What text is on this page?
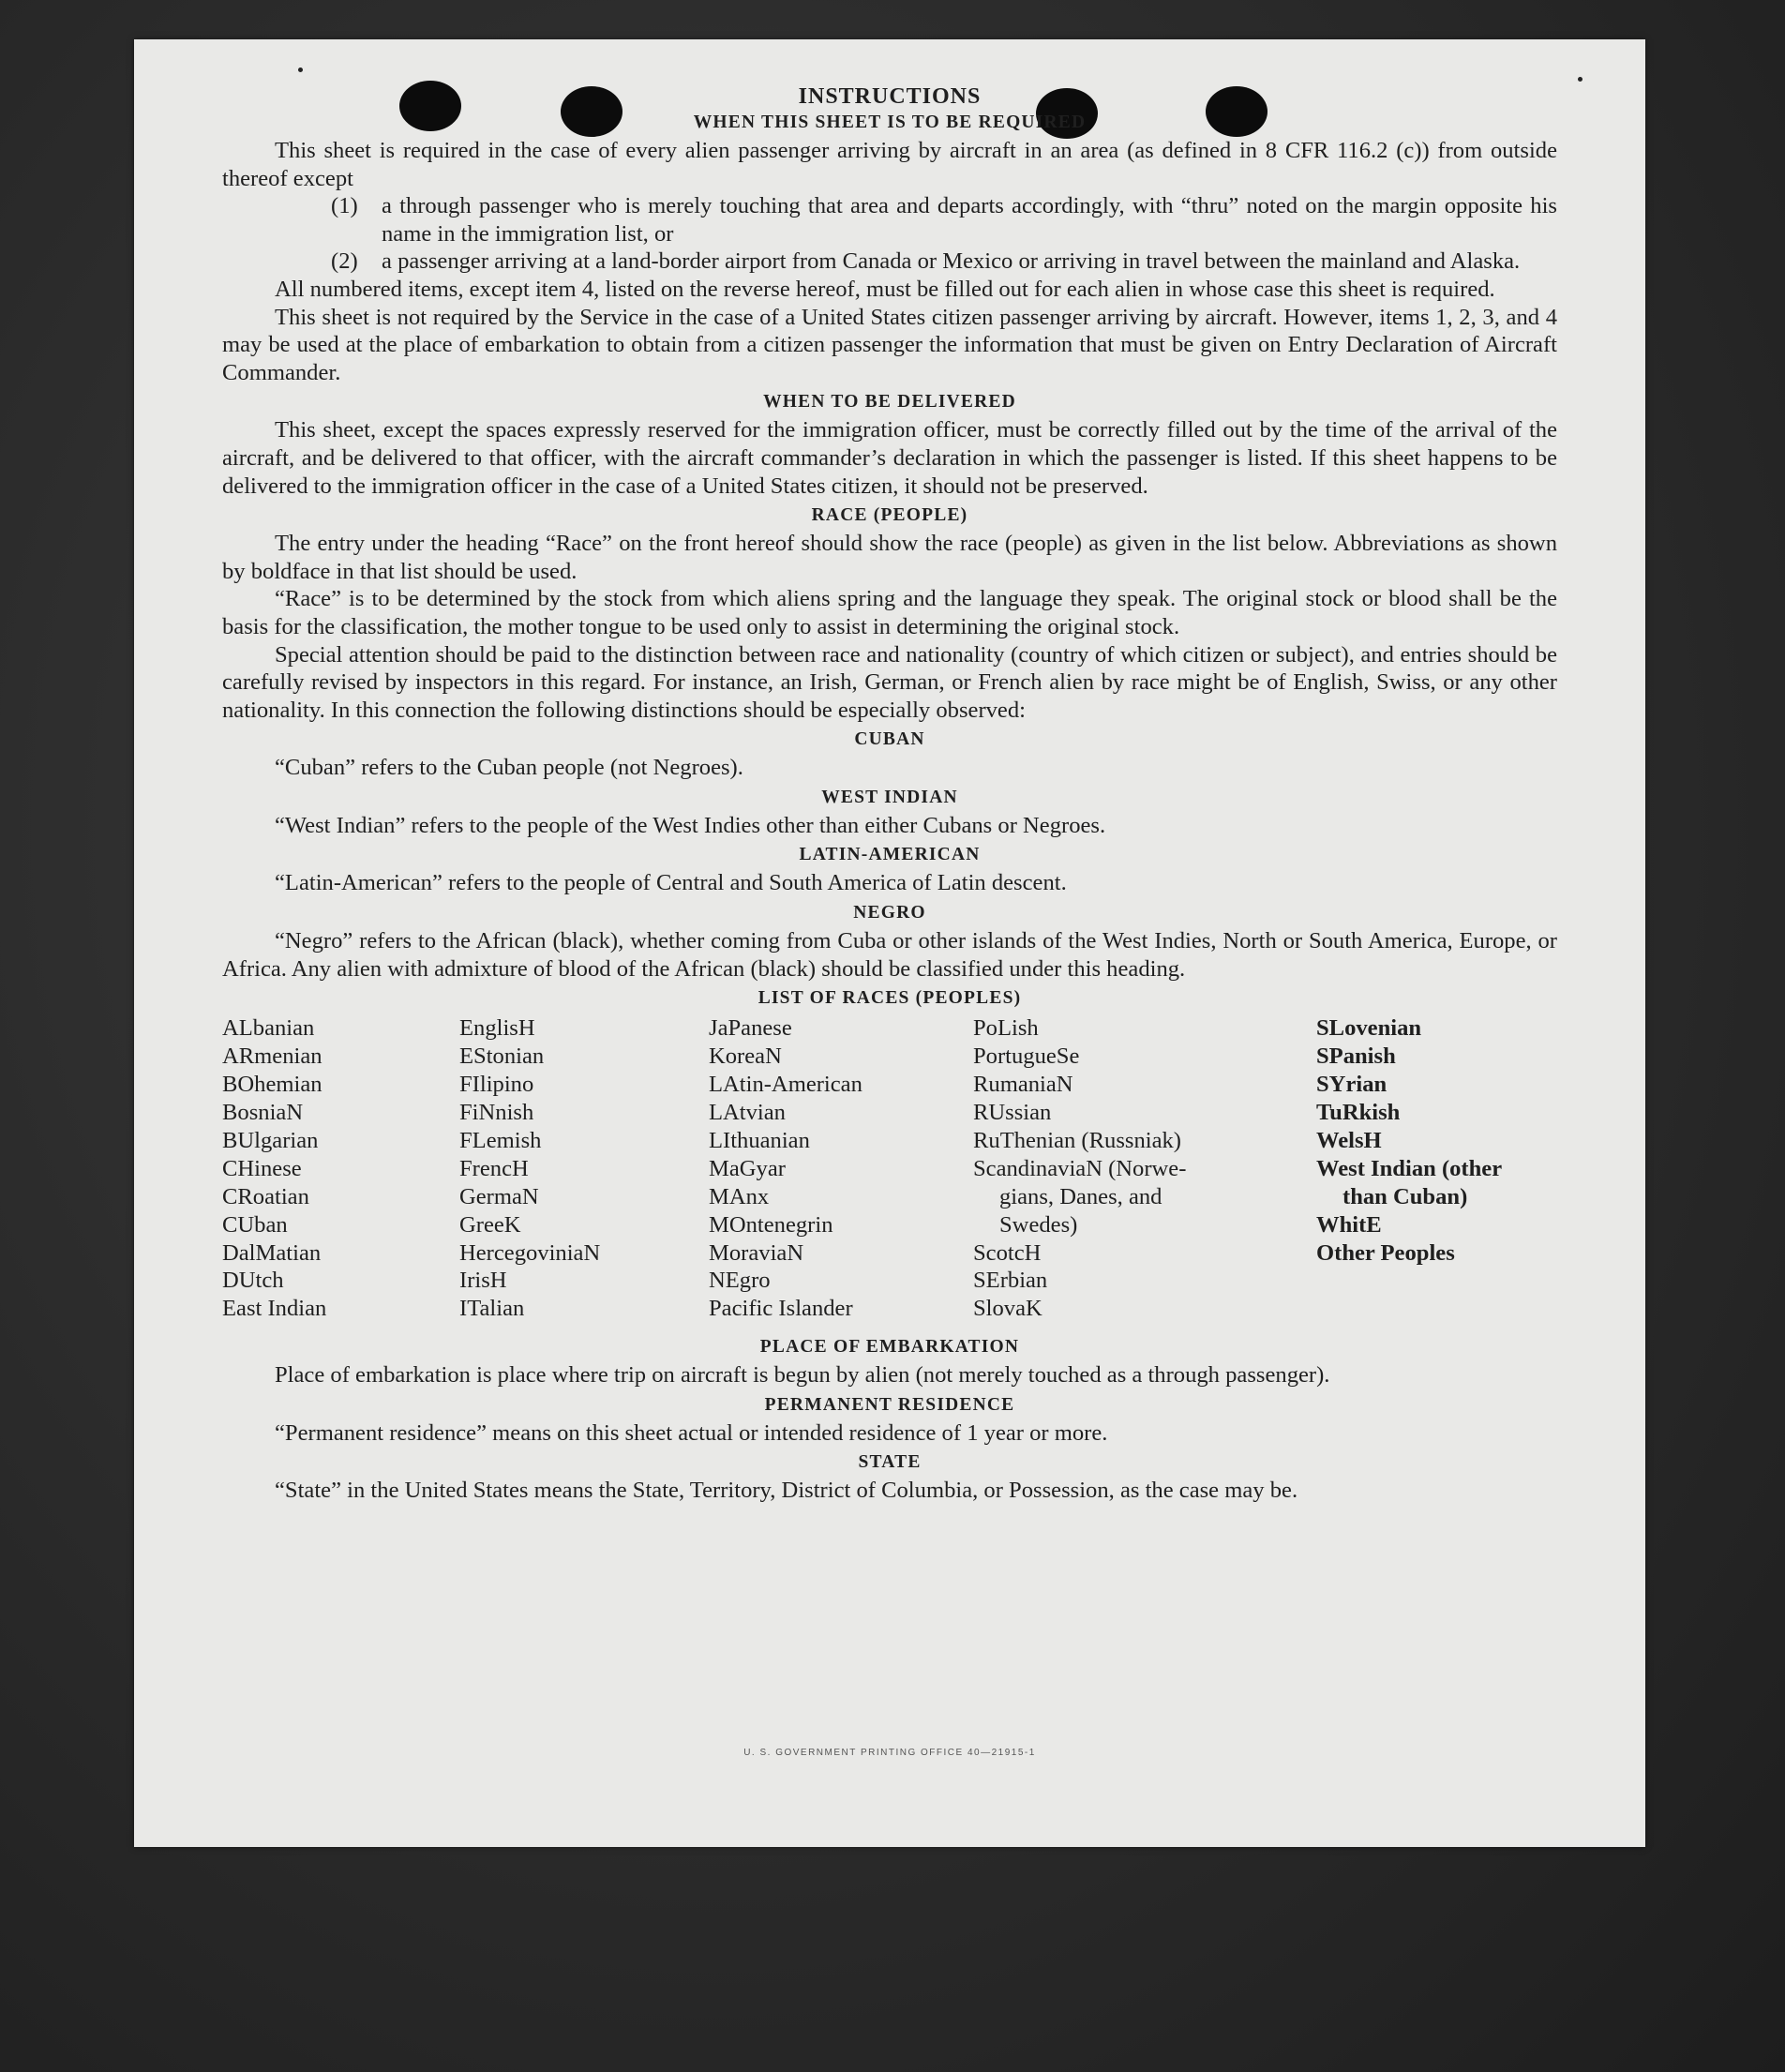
INSTRUCTIONS
WHEN THIS SHEET IS TO BE REQUIRED

This sheet is required in the case of every alien passenger arriving by aircraft in an area (as defined in 8 CFR 116.2 (c)) from outside thereof except

(1)	a through passenger who is merely touching that area and departs accordingly, with “thru” noted on the margin opposite his name in the immigration list, or
(2)	a passenger arriving at a land-border airport from Canada or Mexico or arriving in travel between the mainland and Alaska.

All numbered items, except item 4, listed on the reverse hereof, must be filled out for each alien in whose case this sheet is required.

This sheet is not required by the Service in the case of a United States citizen passenger arriving by aircraft. However, items 1, 2, 3, and 4 may be used at the place of embarkation to obtain from a citizen passenger the information that must be given on Entry Declaration of Aircraft Commander.

WHEN TO BE DELIVERED

This sheet, except the spaces expressly reserved for the immigration officer, must be correctly filled out by the time of the arrival of the aircraft, and be delivered to that officer, with the aircraft commander’s declaration in which the passenger is listed. If this sheet happens to be delivered to the immigration officer in the case of a United States citizen, it should not be preserved.

RACE (PEOPLE)

The entry under the heading “Race” on the front hereof should show the race (people) as given in the list below. Abbreviations as shown by boldface in that list should be used.

“Race” is to be determined by the stock from which aliens spring and the language they speak. The original stock or blood shall be the basis for the classification, the mother tongue to be used only to assist in determining the original stock.

Special attention should be paid to the distinction between race and nationality (country of which citizen or subject), and entries should be carefully revised by inspectors in this regard. For instance, an Irish, German, or French alien by race might be of English, Swiss, or any other nationality. In this connection the following distinctions should be especially observed:

CUBAN

“Cuban” refers to the Cuban people (not Negroes).

WEST INDIAN

“West Indian” refers to the people of the West Indies other than either Cubans or Negroes.

LATIN-AMERICAN

“Latin-American” refers to the people of Central and South America of Latin descent.

NEGRO

“Negro” refers to the African (black), whether coming from Cuba or other islands of the West Indies, North or South America, Europe, or Africa. Any alien with admixture of blood of the African (black) should be classified under this heading.

LIST OF RACES (PEOPLES)
ALbanian
ARmenian
BOhemian
BosniaN
BUlgarian
CHinese
CRoatian
CUban
DalMatian
DUtch
East Indian
EnglisH
EStonian
FIlipino
FiNnish
FLemish
FrencH
GermaN
GreeK
HercegoviniaN
IrisH
ITalian
JaPanese
KoreaN
LAtin-American
LAtvian
LIthuanian
MaGyar
MAnx
MOntenegrin
MoraviaN
NEgro
Pacific Islander
PoLish
PortugueSe
RumaniaN
RUssian
RuThenian (Russniak)
ScandinaviaN (Norwe-
gians, Danes, and
Swedes)
ScotcH
SErbian
SlovaK
SLovenian
SPanish
SYrian
TuRkish
WelsH
West Indian (other
than Cuban)
WhitE
Other Peoples
PLACE OF EMBARKATION

Place of embarkation is place where trip on aircraft is begun by alien (not merely touched as a through passenger).

PERMANENT RESIDENCE

“Permanent residence” means on this sheet actual or intended residence of 1 year or more.

STATE

“State” in the United States means the State, Territory, District of Columbia, or Possession, as the case may be.

U. S. GOVERNMENT PRINTING OFFICE 40—21915-1
